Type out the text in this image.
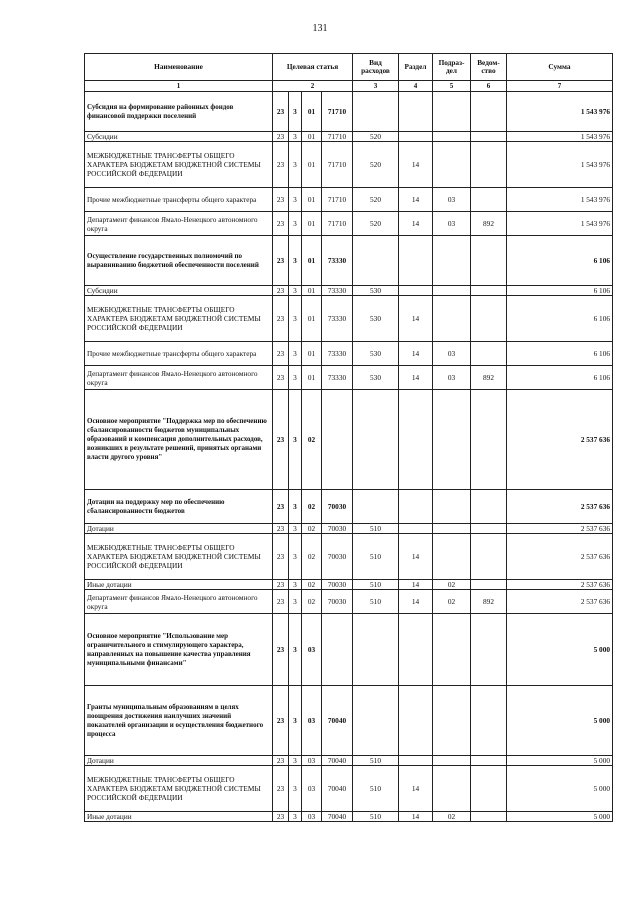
131
Наименование	Целевая статья				Вид расходов	Раздел	Подраз-дел	Ведом-ство	Сумма
1	2				3	4	5	6	7
Субсидия на формирование районных фондов финансовой поддержки поселений	23	3	01	71710					1 543 976
Субсидии	23	3	01	71710	520				1 543 976
МЕЖБЮДЖЕТНЫЕ ТРАНСФЕРТЫ ОБЩЕГО ХАРАКТЕРА БЮДЖЕТАМ БЮДЖЕТНОЙ СИСТЕМЫ РОССИЙСКОЙ ФЕДЕРАЦИИ	23	3	01	71710	520	14			1 543 976
Прочие межбюджетные трансферты общего характера	23	3	01	71710	520	14	03		1 543 976
Департамент финансов Ямало-Ненецкого автономного округа	23	3	01	71710	520	14	03	892	1 543 976
Осуществление государственных полномочий по выравниванию бюджетной обеспеченности поселений	23	3	01	73330					6 106
Субсидии	23	3	01	73330	530				6 106
МЕЖБЮДЖЕТНЫЕ ТРАНСФЕРТЫ ОБЩЕГО ХАРАКТЕРА БЮДЖЕТАМ БЮДЖЕТНОЙ СИСТЕМЫ РОССИЙСКОЙ ФЕДЕРАЦИИ	23	3	01	73330	530	14			6 106
Прочие межбюджетные трансферты общего характера	23	3	01	73330	530	14	03		6 106
Департамент финансов Ямало-Ненецкого автономного округа	23	3	01	73330	530	14	03	892	6 106
Основное мероприятие "Поддержка мер по обеспечению сбалансированности бюджетов муниципальных образований и компенсация дополнительных расходов, возникших в результате решений, принятых органами власти другого уровня"	23	3	02						2 537 636
Дотации на поддержку мер по обеспечению сбалансированности бюджетов	23	3	02	70030					2 537 636
Дотации	23	3	02	70030	510				2 537 636
МЕЖБЮДЖЕТНЫЕ ТРАНСФЕРТЫ ОБЩЕГО ХАРАКТЕРА БЮДЖЕТАМ БЮДЖЕТНОЙ СИСТЕМЫ РОССИЙСКОЙ ФЕДЕРАЦИИ	23	3	02	70030	510	14			2 537 636
Иные дотации	23	3	02	70030	510	14	02		2 537 636
Департамент финансов Ямало-Ненецкого автономного округа	23	3	02	70030	510	14	02	892	2 537 636
Основное мероприятие "Использование мер ограничительного и стимулирующего характера, направленных на повышение качества управления муниципальными финансами"	23	3	03						5 000
Гранты муниципальным образованиям в целях поощрения достижения наилучших значений показателей организации и осуществления бюджетного процесса	23	3	03	70040					5 000
Дотации	23	3	03	70040	510				5 000
МЕЖБЮДЖЕТНЫЕ ТРАНСФЕРТЫ ОБЩЕГО ХАРАКТЕРА БЮДЖЕТАМ БЮДЖЕТНОЙ СИСТЕМЫ РОССИЙСКОЙ ФЕДЕРАЦИИ	23	3	03	70040	510	14			5 000
Иные дотации	23	3	03	70040	510	14	02		5 000
